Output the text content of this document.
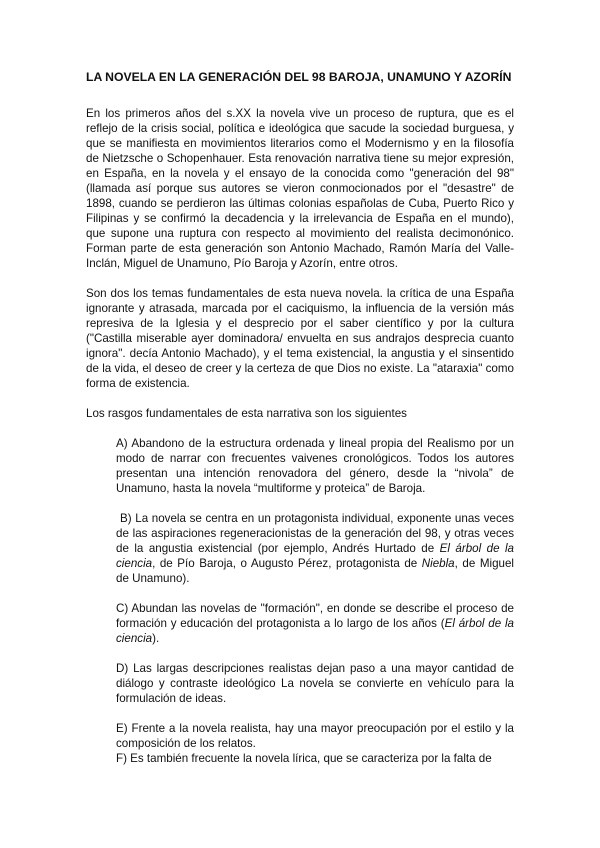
LA NOVELA EN LA GENERACIÓN DEL 98 BAROJA, UNAMUNO Y AZORÍN

En los primeros años del s.XX la novela vive un proceso de ruptura, que es el reflejo de la crisis social, política e ideológica que sacude la sociedad burguesa, y que se manifiesta en movimientos literarios como el Modernismo y en la filosofía de Nietzsche o Schopenhauer. Esta renovación narrativa tiene su mejor expresión, en España, en la novela y el ensayo de la conocida como "generación del 98" (llamada así porque sus autores se vieron conmocionados por el "desastre" de 1898, cuando se perdieron las últimas colonias españolas de Cuba, Puerto Rico y Filipinas y se confirmó la decadencia y la irrelevancia de España en el mundo), que supone una ruptura con respecto al movimiento del realista decimonónico. Forman parte de esta generación son Antonio Machado, Ramón María del Valle-Inclán, Miguel de Unamuno, Pío Baroja y Azorín, entre otros.

Son dos los temas fundamentales de esta nueva novela. la crítica de una España ignorante y atrasada, marcada por el caciquismo, la influencia de la versión más represiva de la Iglesia y el desprecio por el saber científico y por la cultura ("Castilla miserable ayer dominadora/ envuelta en sus andrajos desprecia cuanto ignora". decía Antonio Machado), y el tema existencial, la angustia y el sinsentido de la vida, el deseo de creer y la certeza de que Dios no existe. La "ataraxia" como forma de existencia.

Los rasgos fundamentales de esta narrativa son los siguientes

A) Abandono de la estructura ordenada y lineal propia del Realismo por un modo de narrar con frecuentes vaivenes cronológicos. Todos los autores presentan una intención renovadora del género, desde la “nivola” de Unamuno, hasta la novela “multiforme y proteica” de Baroja.

B) La novela se centra en un protagonista individual, exponente unas veces de las aspiraciones regeneracionistas de la generación del 98, y otras veces de la angustia existencial (por ejemplo, Andrés Hurtado de El árbol de la ciencia, de Pío Baroja, o Augusto Pérez, protagonista de Niebla, de Miguel de Unamuno).

C) Abundan las novelas de "formación", en donde se describe el proceso de formación y educación del protagonista a lo largo de los años (El árbol de la ciencia).

D) Las largas descripciones realistas dejan paso a una mayor cantidad de diálogo y contraste ideológico La novela se convierte en vehículo para la formulación de ideas.

E) Frente a la novela realista, hay una mayor preocupación por el estilo y la composición de los relatos.

F) Es también frecuente la novela lírica, que se caracteriza por la falta de
